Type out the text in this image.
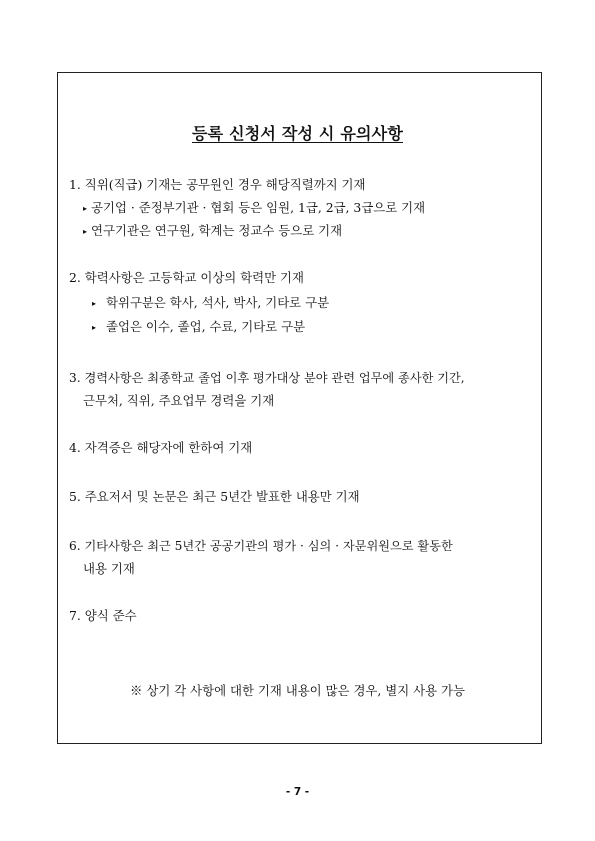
등록 신청서 작성 시 유의사항
1. 직위(직급) 기재는 공무원인 경우 해당직렬까지 기재
▸ 공기업 · 준정부기관 · 협회 등은 임원, 1급, 2급, 3급으로 기재
▸ 연구기관은 연구원, 학계는 정교수 등으로 기재
2. 학력사항은 고등학교 이상의 학력만 기재
▸ 학위구분은 학사, 석사, 박사, 기타로 구분
▸ 졸업은 이수, 졸업, 수료, 기타로 구분
3. 경력사항은 최종학교 졸업 이후 평가대상 분야 관련 업무에 종사한 기간,
근무처, 직위, 주요업무 경력을 기재
4. 자격증은 해당자에 한하여 기재
5. 주요저서 및 논문은 최근 5년간 발표한 내용만 기재
6. 기타사항은 최근 5년간 공공기관의 평가 · 심의 · 자문위원으로 활동한
내용 기재
7. 양식 준수
※ 상기 각 사항에 대한 기재 내용이 많은 경우, 별지 사용 가능
- 7 -
